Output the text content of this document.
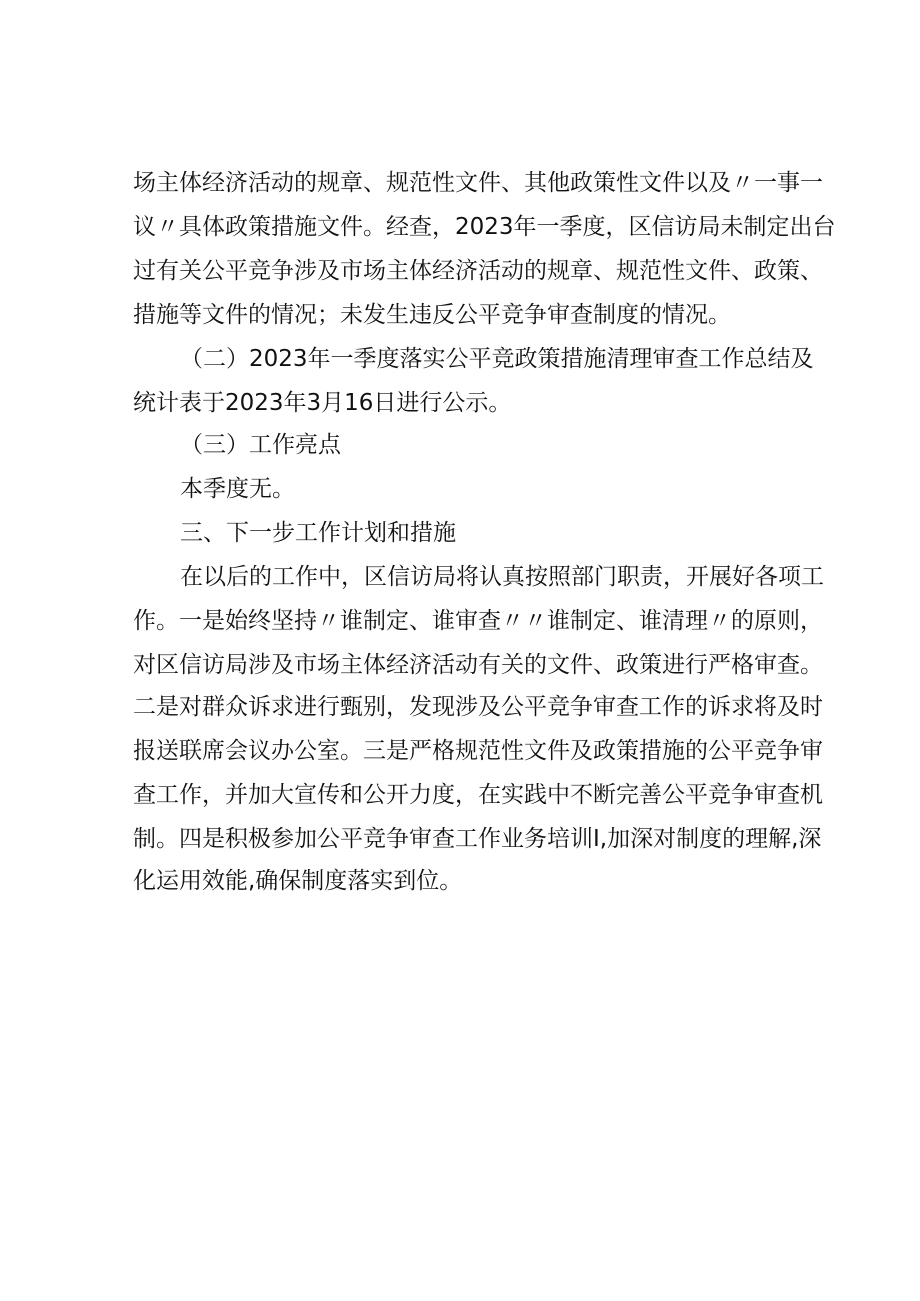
场主体经济活动的规章、规范性文件、其他政策性文件以及〃一事一
议〃具体政策措施文件。经查，2023年一季度，区信访局未制定出台
过有关公平竞争涉及市场主体经济活动的规章、规范性文件、政策、
措施等文件的情况；未发生违反公平竞争审查制度的情况。
（二）2023年一季度落实公平竞政策措施清理审查工作总结及
统计表于2023年3月16日进行公示。
（三）工作亮点
本季度无。
三、下一步工作计划和措施
在以后的工作中，区信访局将认真按照部门职责，开展好各项工
作。一是始终坚持〃谁制定、谁审查〃〃谁制定、谁清理〃的原则，
对区信访局涉及市场主体经济活动有关的文件、政策进行严格审查。
二是对群众诉求进行甄别，发现涉及公平竞争审查工作的诉求将及时
报送联席会议办公室。三是严格规范性文件及政策措施的公平竞争审
查工作，并加大宣传和公开力度，在实践中不断完善公平竞争审查机
制。四是积极参加公平竞争审查工作业务培训I,加深对制度的理解,深
化运用效能,确保制度落实到位。
